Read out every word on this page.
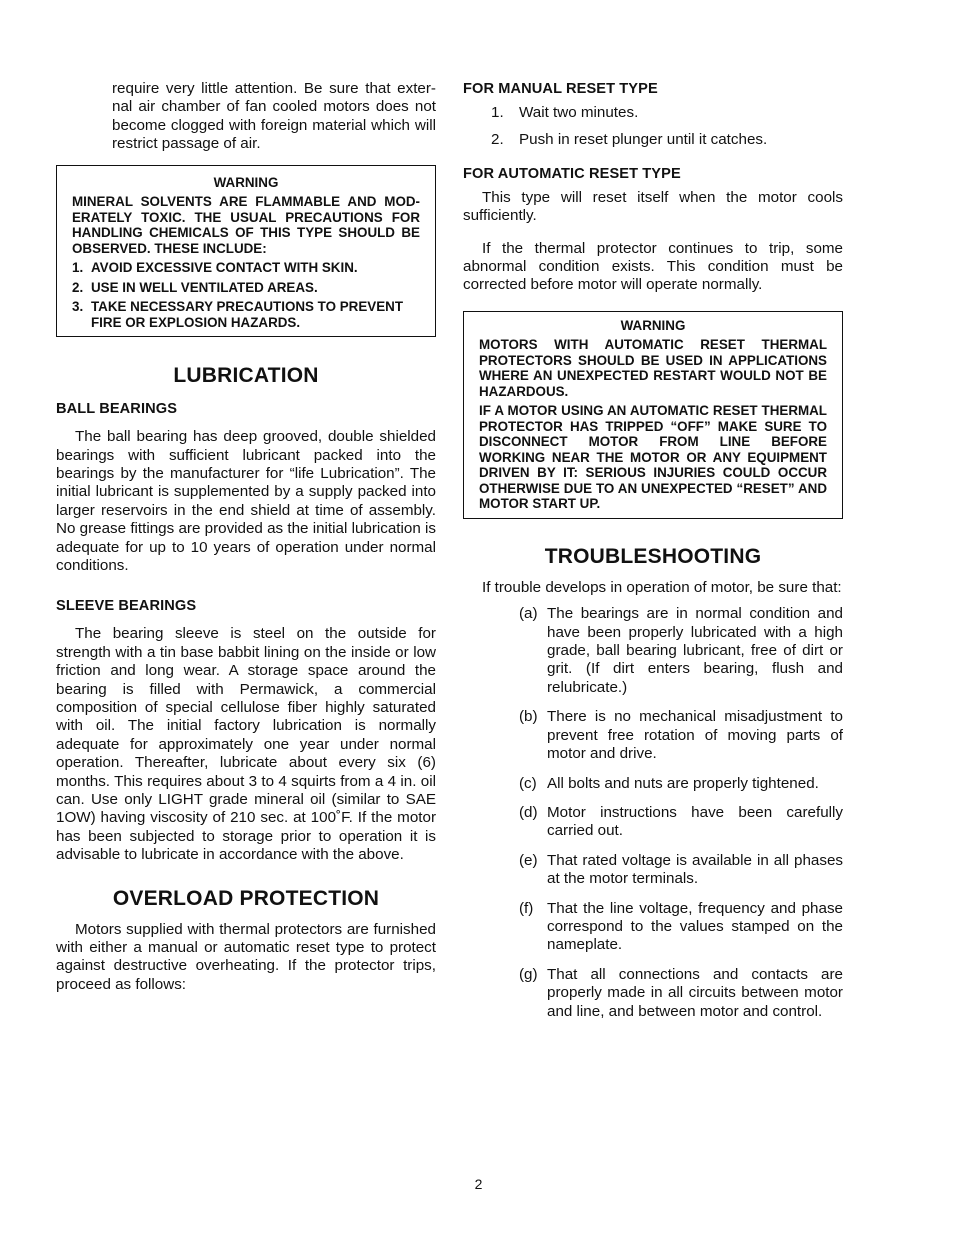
require very little attention. Be sure that exter-nal air chamber of fan cooled motors does not become clogged with foreign material which will restrict passage of air.

WARNING
MINERAL SOLVENTS ARE FLAMMABLE AND MOD-ERATELY TOXIC. THE USUAL PRECAUTIONS FOR HANDLING CHEMICALS OF THIS TYPE SHOULD BE OBSERVED. THESE INCLUDE:
1. AVOID EXCESSIVE CONTACT WITH SKIN.
2. USE IN WELL VENTILATED AREAS.
3. TAKE NECESSARY PRECAUTIONS TO PREVENT FIRE OR EXPLOSION HAZARDS.
LUBRICATION
BALL BEARINGS

The ball bearing has deep grooved, double shielded bearings with sufficient lubricant packed into the bearings by the manufacturer for “life Lubrication”. The initial lubricant is supplemented by a supply packed into larger reservoirs in the end shield at time of assembly. No grease fittings are provided as the initial lubrication is adequate for up to 10 years of operation under normal conditions.

SLEEVE BEARINGS

The bearing sleeve is steel on the outside for strength with a tin base babbit lining on the inside or low friction and long wear. A storage space around the bearing is filled with Permawick, a commercial composition of special cellulose fiber highly saturated with oil. The initial factory lubrication is normally adequate for approximately one year under normal operation. Thereafter, lubricate about every six (6) months. This requires about 3 to 4 squirts from a 4 in. oil can. Use only LIGHT grade mineral oil (similar to SAE 1OW) having viscosity of 210 sec. at 100˚F. If the motor has been subjected to storage prior to operation it is advisable to lubricate in accordance with the above.

OVERLOAD PROTECTION

Motors supplied with thermal protectors are furnished with either a manual or automatic reset type to protect against destructive overheating. If the protector trips, proceed as follows:

FOR MANUAL RESET TYPE
1.	Wait two minutes.
2.	Push in reset plunger until it catches.
FOR AUTOMATIC RESET TYPE

This type will reset itself when the motor cools sufficiently.

If the thermal protector continues to trip, some abnormal condition exists. This condition must be corrected before motor will operate normally.

WARNING
MOTORS WITH AUTOMATIC RESET THERMAL PROTECTORS SHOULD BE USED IN APPLICATIONS WHERE AN UNEXPECTED RESTART WOULD NOT BE HAZARDOUS.
IF A MOTOR USING AN AUTOMATIC RESET THERMAL PROTECTOR HAS TRIPPED “OFF” MAKE SURE TO DISCONNECT MOTOR FROM LINE BEFORE WORKING NEAR THE MOTOR OR ANY EQUIPMENT DRIVEN BY IT: SERIOUS INJURIES COULD OCCUR OTHERWISE DUE TO AN UNEXPECTED “RESET” AND MOTOR START UP.
TROUBLESHOOTING

If trouble develops in operation of motor, be sure that:

(a) The bearings are in normal condition and have been properly lubricated with a high grade, ball bearing lubricant, free of dirt or grit. (If dirt enters bearing, flush and relubricate.)
(b) There is no mechanical misadjustment to prevent free rotation of moving parts of motor and drive.
(c) All bolts and nuts are properly tightened.
(d) Motor instructions have been carefully carried out.
(e) That rated voltage is available in all phases at the motor terminals.
(f) That the line voltage, frequency and phase correspond to the values stamped on the nameplate.
(g) That all connections and contacts are properly made in all circuits between motor and line, and between motor and control.
2
